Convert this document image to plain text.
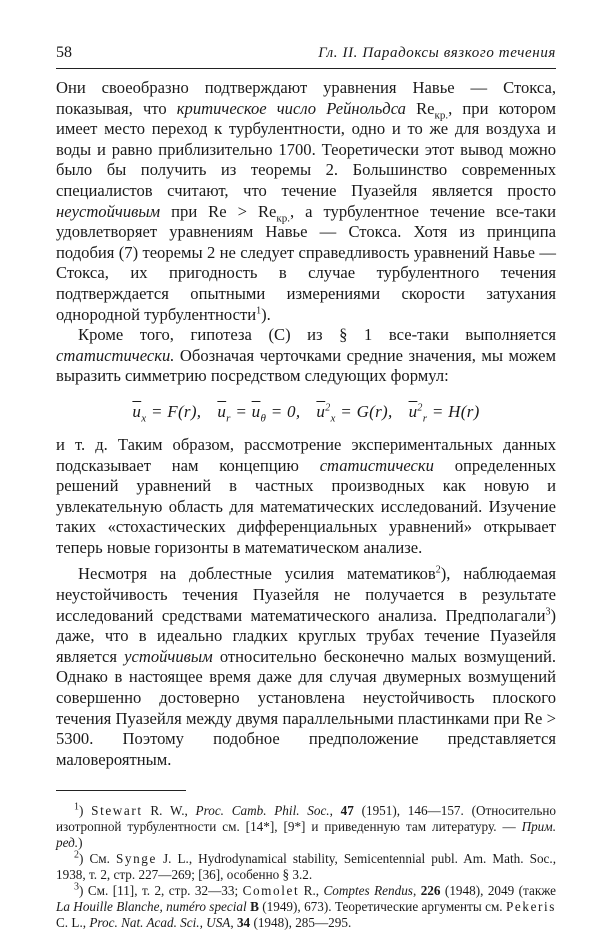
58	Гл. II. Парадоксы вязкого течения

Они своеобразно подтверждают уравнения Навье — Стокса, показывая, что критическое число Рейнольдса $Re_{кр.}$, при котором имеет место переход к турбулентности, одно и то же для воздуха и воды и равно приблизительно 1700. Теоретически этот вывод можно было бы получить из теоремы 2. Большинство современных специалистов считают, что течение Пуазейля является просто неустойчивым при $Re > Re_{кр.}$, а турбулентное течение все-таки удовлетворяет уравнениям Навье — Стокса. Хотя из принципа подобия (7) теоремы 2 не следует справедливость уравнений Навье — Стокса, их пригодность в случае турбулентного течения подтверждается опытными измерениями скорости затухания однородной турбулентности$^1$).

Кроме того, гипотеза (С) из § 1 все-таки выполняется статистически. Обозначая черточками средние значения, мы можем выразить симметрию посредством следующих формул:

$\overline{u}_x = F(r)$, $\overline{u}_r = \overline{u}_\theta = 0$, $\overline{u}^2_x = G(r)$, $\overline{u}^2_r = H(r)$

и т. д. Таким образом, рассмотрение экспериментальных данных подсказывает нам концепцию статистически определенных решений уравнений в частных производных как новую и увлекательную область для математических исследований. Изучение таких «стохастических дифференциальных уравнений» открывает теперь новые горизонты в математическом анализе.

Несмотря на доблестные усилия математиков$^2$), наблюдаемая неустойчивость течения Пуазейля не получается в результате исследований средствами математического анализа. Предполагали$^3$) даже, что в идеально гладких круглых трубах течение Пуазейля является устойчивым относительно бесконечно малых возмущений. Однако в настоящее время даже для случая двумерных возмущений совершенно достоверно установлена неустойчивость плоского течения Пуазейля между двумя параллельными пластинками при Re > 5300. Поэтому подобное предположение представляется маловероятным.

$^1$) Stewart R. W., Proc. Camb. Phil. Soc., 47 (1951), 146—157. (Относительно изотропной турбулентности см. [14*], [9*] и приведенную там литературу. — Прим. ред.)

$^2$) См. Synge J. L., Hydrodynamical stability, Semicentennial publ. Am. Math. Soc., 1938, т. 2, стр. 227—269; [36], особенно § 3.2.

$^3$) См. [11], т. 2, стр. 32—33; Comolet R., Comptes Rendus, 226 (1948), 2049 (также La Houille Blanche, numéro special B (1949), 673). Теоретические аргументы см. Pekeris C. L., Proc. Nat. Acad. Sci., USA, 34 (1948), 285—295.
